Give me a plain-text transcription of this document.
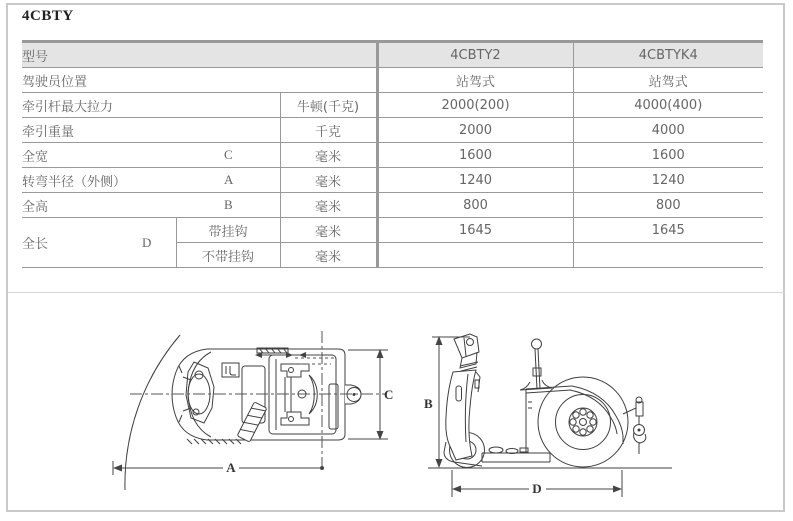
4CBTY
型号			4CBTY2	4CBTYK4
驾驶员位置			站驾式	站驾式
牵引杆最大拉力		牛顿(千克)	2000(200)	4000(400)
牵引重量		千克	2000	4000
全宽 C		毫米	1600	1600
转弯半径（外侧） A		毫米	1240	1240
全高 B		毫米	800	800
全长 D	带挂钩	毫米	1645	1645
	不带挂钩	毫米		
C
A
B
D
